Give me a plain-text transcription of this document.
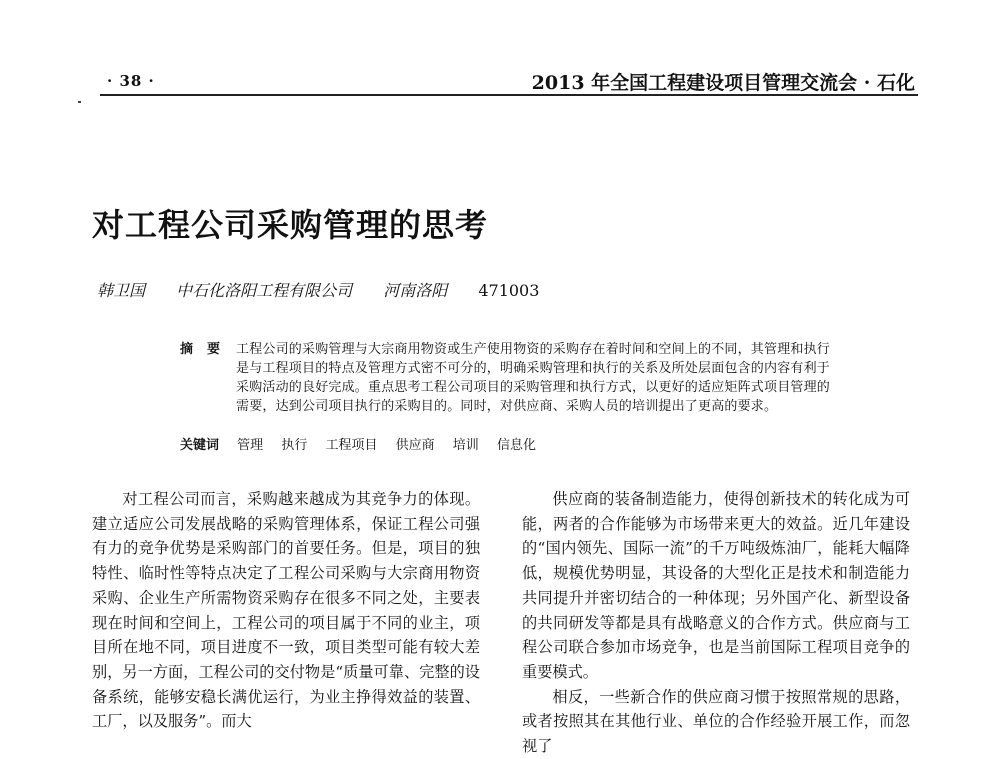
· 38 ·	2013 年全国工程建设项目管理交流会 · 石化
对工程公司采购管理的思考
韩卫国 中石化洛阳工程有限公司 河南洛阳 471003
摘要 工程公司的采购管理与大宗商用物资或生产使用物资的采购存在着时间和空间上的不同，其管理和执行是与工程项目的特点及管理方式密不可分的，明确采购管理和执行的关系及所处层面包含的内容有利于采购活动的良好完成。重点思考工程公司项目的采购管理和执行方式，以更好的适应矩阵式项目管理的需要，达到公司项目执行的采购目的。同时，对供应商、采购人员的培训提出了更高的要求。
关键词 管理 执行 工程项目 供应商 培训 信息化

对工程公司而言，采购越来越成为其竞争力的体现。建立适应公司发展战略的采购管理体系，保证工程公司强有力的竞争优势是采购部门的首要任务。但是，项目的独特性、临时性等特点决定了工程公司采购与大宗商用物资采购、企业生产所需物资采购存在很多不同之处，主要表现在时间和空间上，工程公司的项目属于不同的业主，项目所在地不同，项目进度不一致，项目类型可能有较大差别，另一方面，工程公司的交付物是“质量可靠、完整的设备系统，能够安稳长满优运行，为业主挣得效益的装置、工厂，以及服务”。而大

供应商的装备制造能力，使得创新技术的转化成为可能，两者的合作能够为市场带来更大的效益。近几年建设的“国内领先、国际一流”的千万吨级炼油厂，能耗大幅降低，规模优势明显，其设备的大型化正是技术和制造能力共同提升并密切结合的一种体现；另外国产化、新型设备的共同研发等都是具有战略意义的合作方式。供应商与工程公司联合参加市场竞争，也是当前国际工程项目竞争的重要模式。

相反，一些新合作的供应商习惯于按照常规的思路，或者按照其在其他行业、单位的合作经验开展工作，而忽视了
